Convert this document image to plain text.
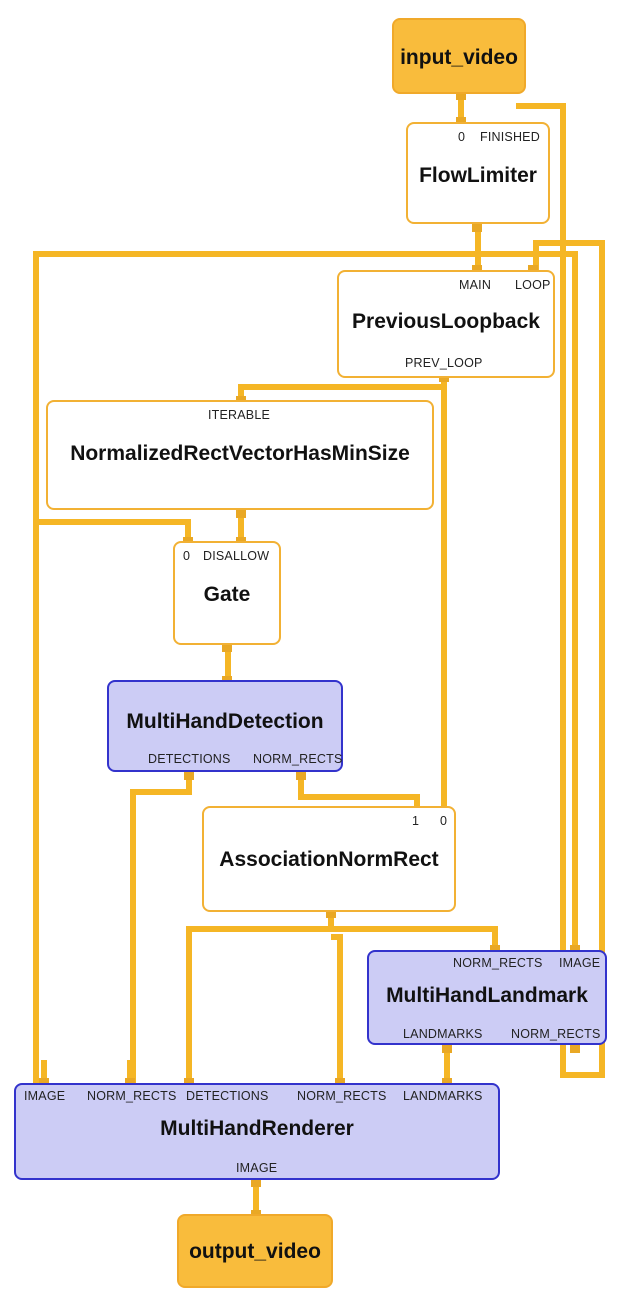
input_video
0 FINISHED
FlowLimiter
MAIN LOOP
PreviousLoopback
PREV_LOOP
ITERABLE
NormalizedRectVectorHasMinSize
0 DISALLOW
Gate
MultiHandDetection
DETECTIONS NORM_RECTS
1 0
AssociationNormRect
NORM_RECTS IMAGE
MultiHandLandmark
LANDMARKS NORM_RECTS
IMAGE NORM_RECTS DETECTIONS NORM_RECTS LANDMARKS
MultiHandRenderer
IMAGE
output_video
